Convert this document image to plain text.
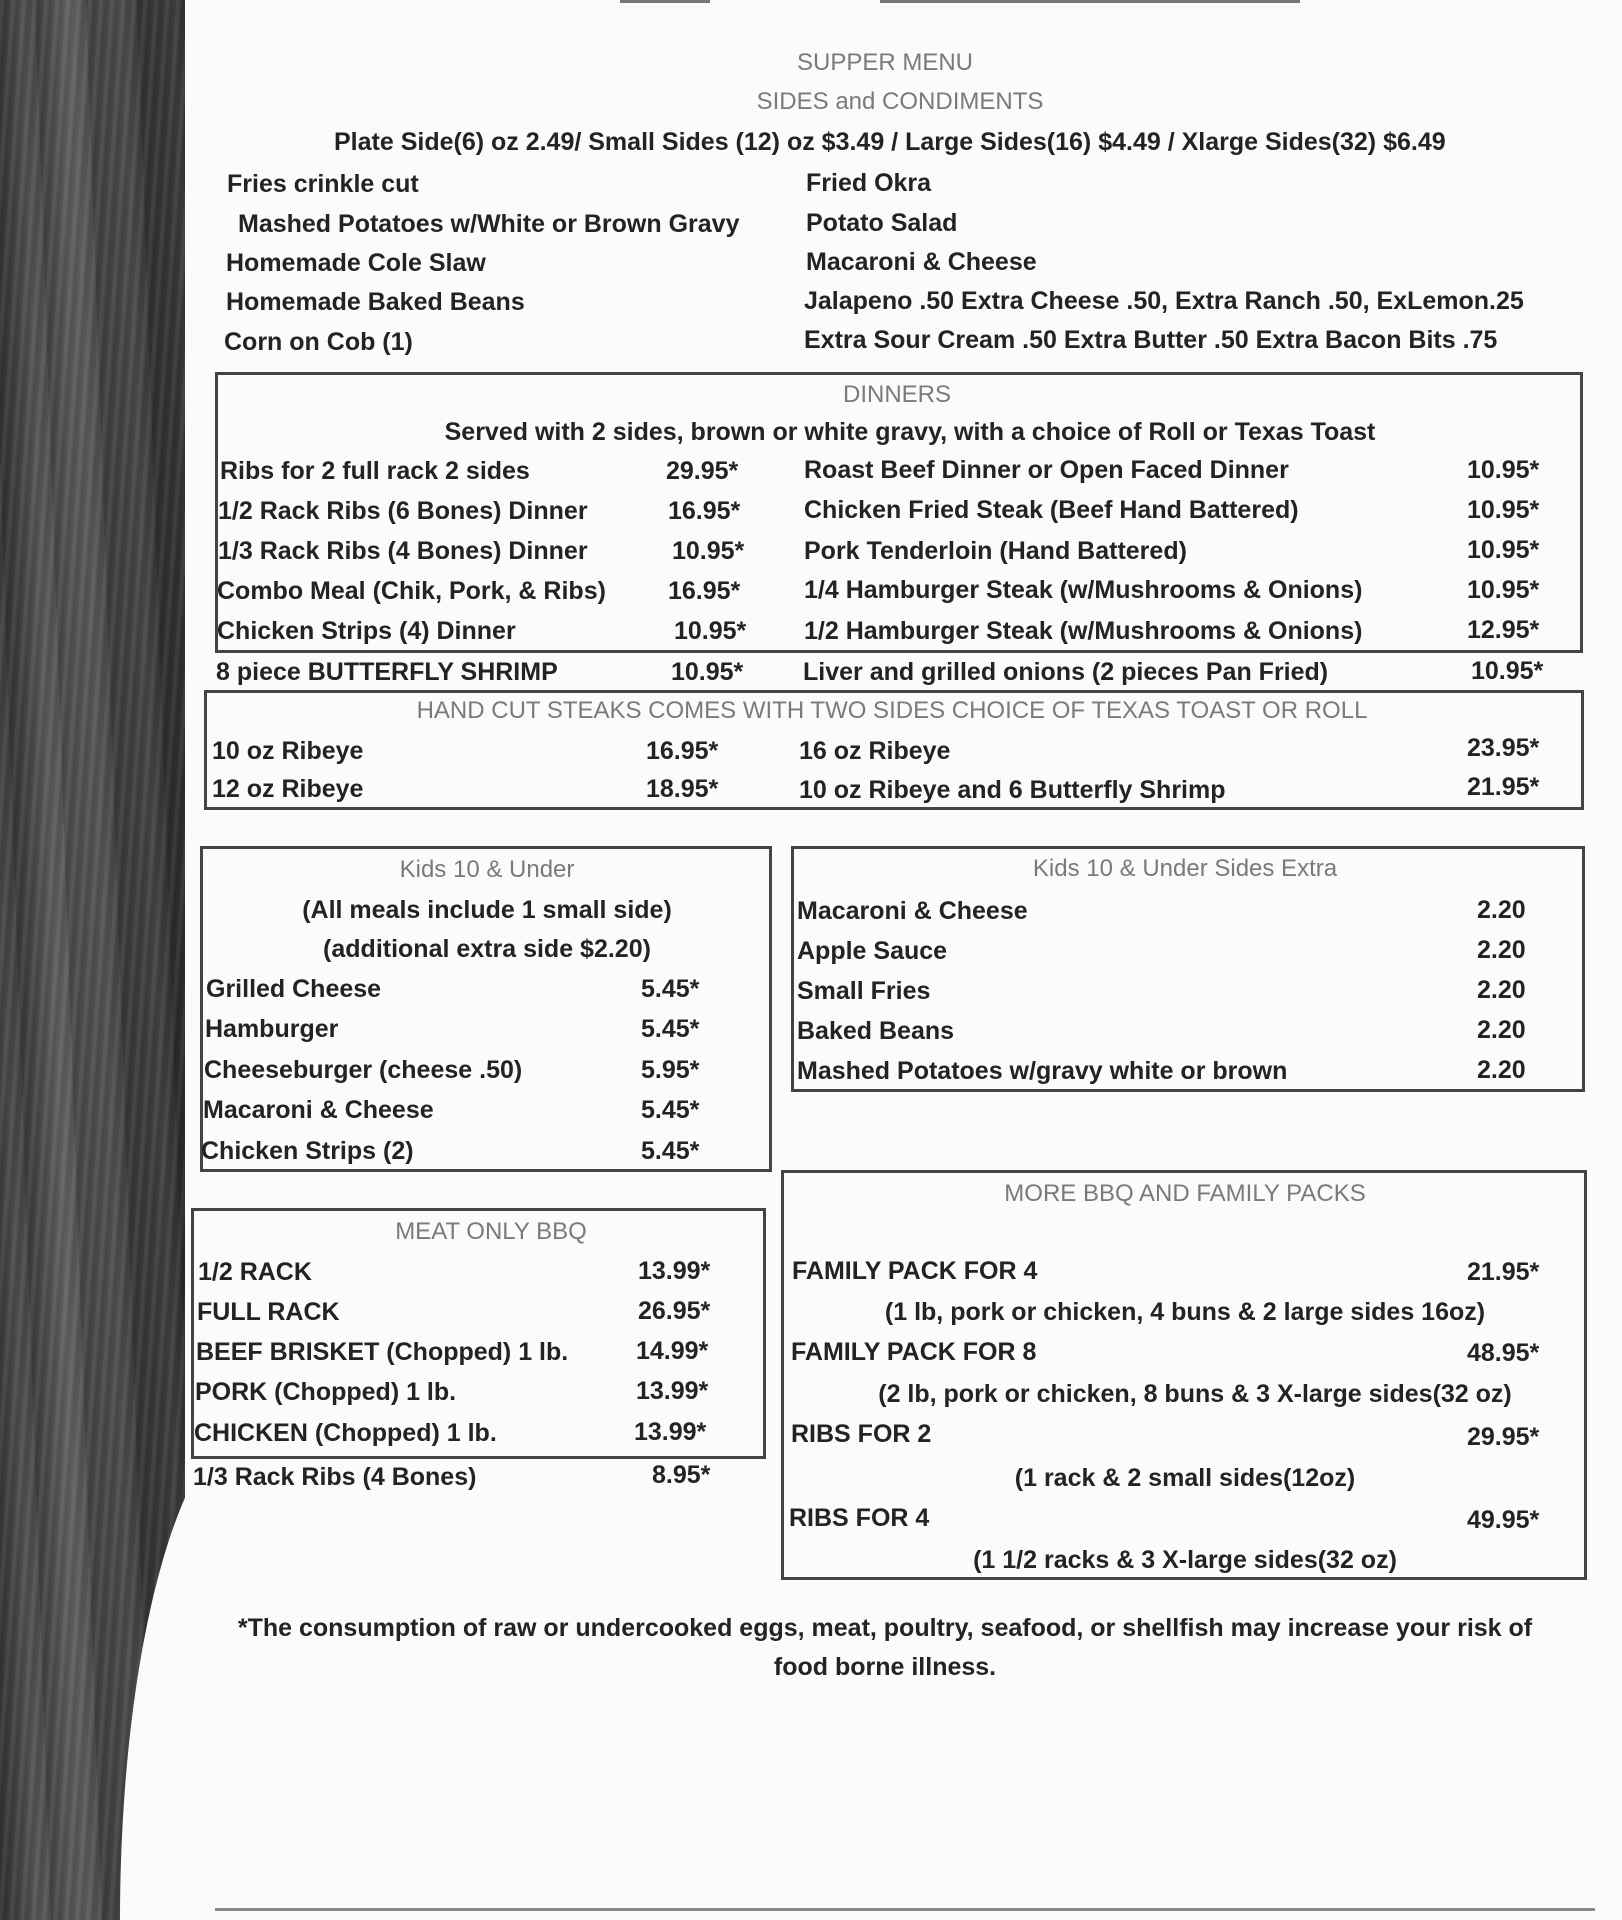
SUPPER MENU
SIDES and CONDIMENTS
Plate Side(6) oz 2.49/ Small Sides (12) oz $3.49 / Large Sides(16) $4.49 / Xlarge Sides(32) $6.49
Fries crinkle cut
Mashed Potatoes w/White or Brown Gravy
Homemade Cole Slaw
Homemade Baked Beans
Corn on Cob (1)
Fried Okra
Potato Salad
Macaroni & Cheese
Jalapeno .50 Extra Cheese .50, Extra Ranch .50, ExLemon.25
Extra Sour Cream .50 Extra Butter .50 Extra Bacon Bits .75
DINNERS
Served with 2 sides, brown or white gravy, with a choice of Roll or Texas Toast
Ribs for 2 full rack 2 sides	29.95*
1/2 Rack Ribs (6 Bones) Dinner	16.95*
1/3 Rack Ribs (4 Bones) Dinner	10.95*
Combo Meal (Chik, Pork, & Ribs) 16.95*
Chicken Strips (4) Dinner	10.95*
8 piece BUTTERFLY SHRIMP	10.95*
Roast Beef Dinner or Open Faced Dinner	10.95*
Chicken Fried Steak (Beef Hand Battered)	10.95*
Pork Tenderloin (Hand Battered)	10.95*
1/4 Hamburger Steak (w/Mushrooms & Onions)	10.95*
1/2 Hamburger Steak (w/Mushrooms & Onions)	12.95*
Liver and grilled onions (2 pieces Pan Fried)	10.95*
HAND CUT STEAKS COMES WITH TWO SIDES CHOICE OF TEXAS TOAST OR ROLL
10 oz Ribeye	16.95*
12 oz Ribeye	18.95*
16 oz Ribeye	23.95*
10 oz Ribeye and 6 Butterfly Shrimp	21.95*
Kids 10 & Under
(All meals include 1 small side)
(additional extra side $2.20)
Grilled Cheese	5.45*
Hamburger	5.45*
Cheeseburger (cheese .50)	5.95*
Macaroni & Cheese	5.45*
Chicken Strips (2)	5.45*
Kids 10 & Under Sides Extra
Macaroni & Cheese	2.20
Apple Sauce	2.20
Small Fries	2.20
Baked Beans	2.20
Mashed Potatoes w/gravy white or brown	2.20
MEAT ONLY BBQ
1/2 RACK	13.99*
FULL RACK	26.95*
BEEF BRISKET (Chopped) 1 lb.	14.99*
PORK (Chopped) 1 lb.	13.99*
CHICKEN (Chopped) 1 lb.	13.99*
1/3 Rack Ribs (4 Bones)	8.95*
MORE BBQ AND FAMILY PACKS
FAMILY PACK FOR 4	21.95*
(1 lb, pork or chicken, 4 buns & 2 large sides 16oz)
FAMILY PACK FOR 8	48.95*
(2 lb, pork or chicken, 8 buns & 3 X-large sides(32 oz)
RIBS FOR 2	29.95*
(1 rack & 2 small sides(12oz)
RIBS FOR 4	49.95*
(1 1/2 racks & 3 X-large sides(32 oz)
*The consumption of raw or undercooked eggs, meat, poultry, seafood, or shellfish may increase your risk of
food borne illness.
